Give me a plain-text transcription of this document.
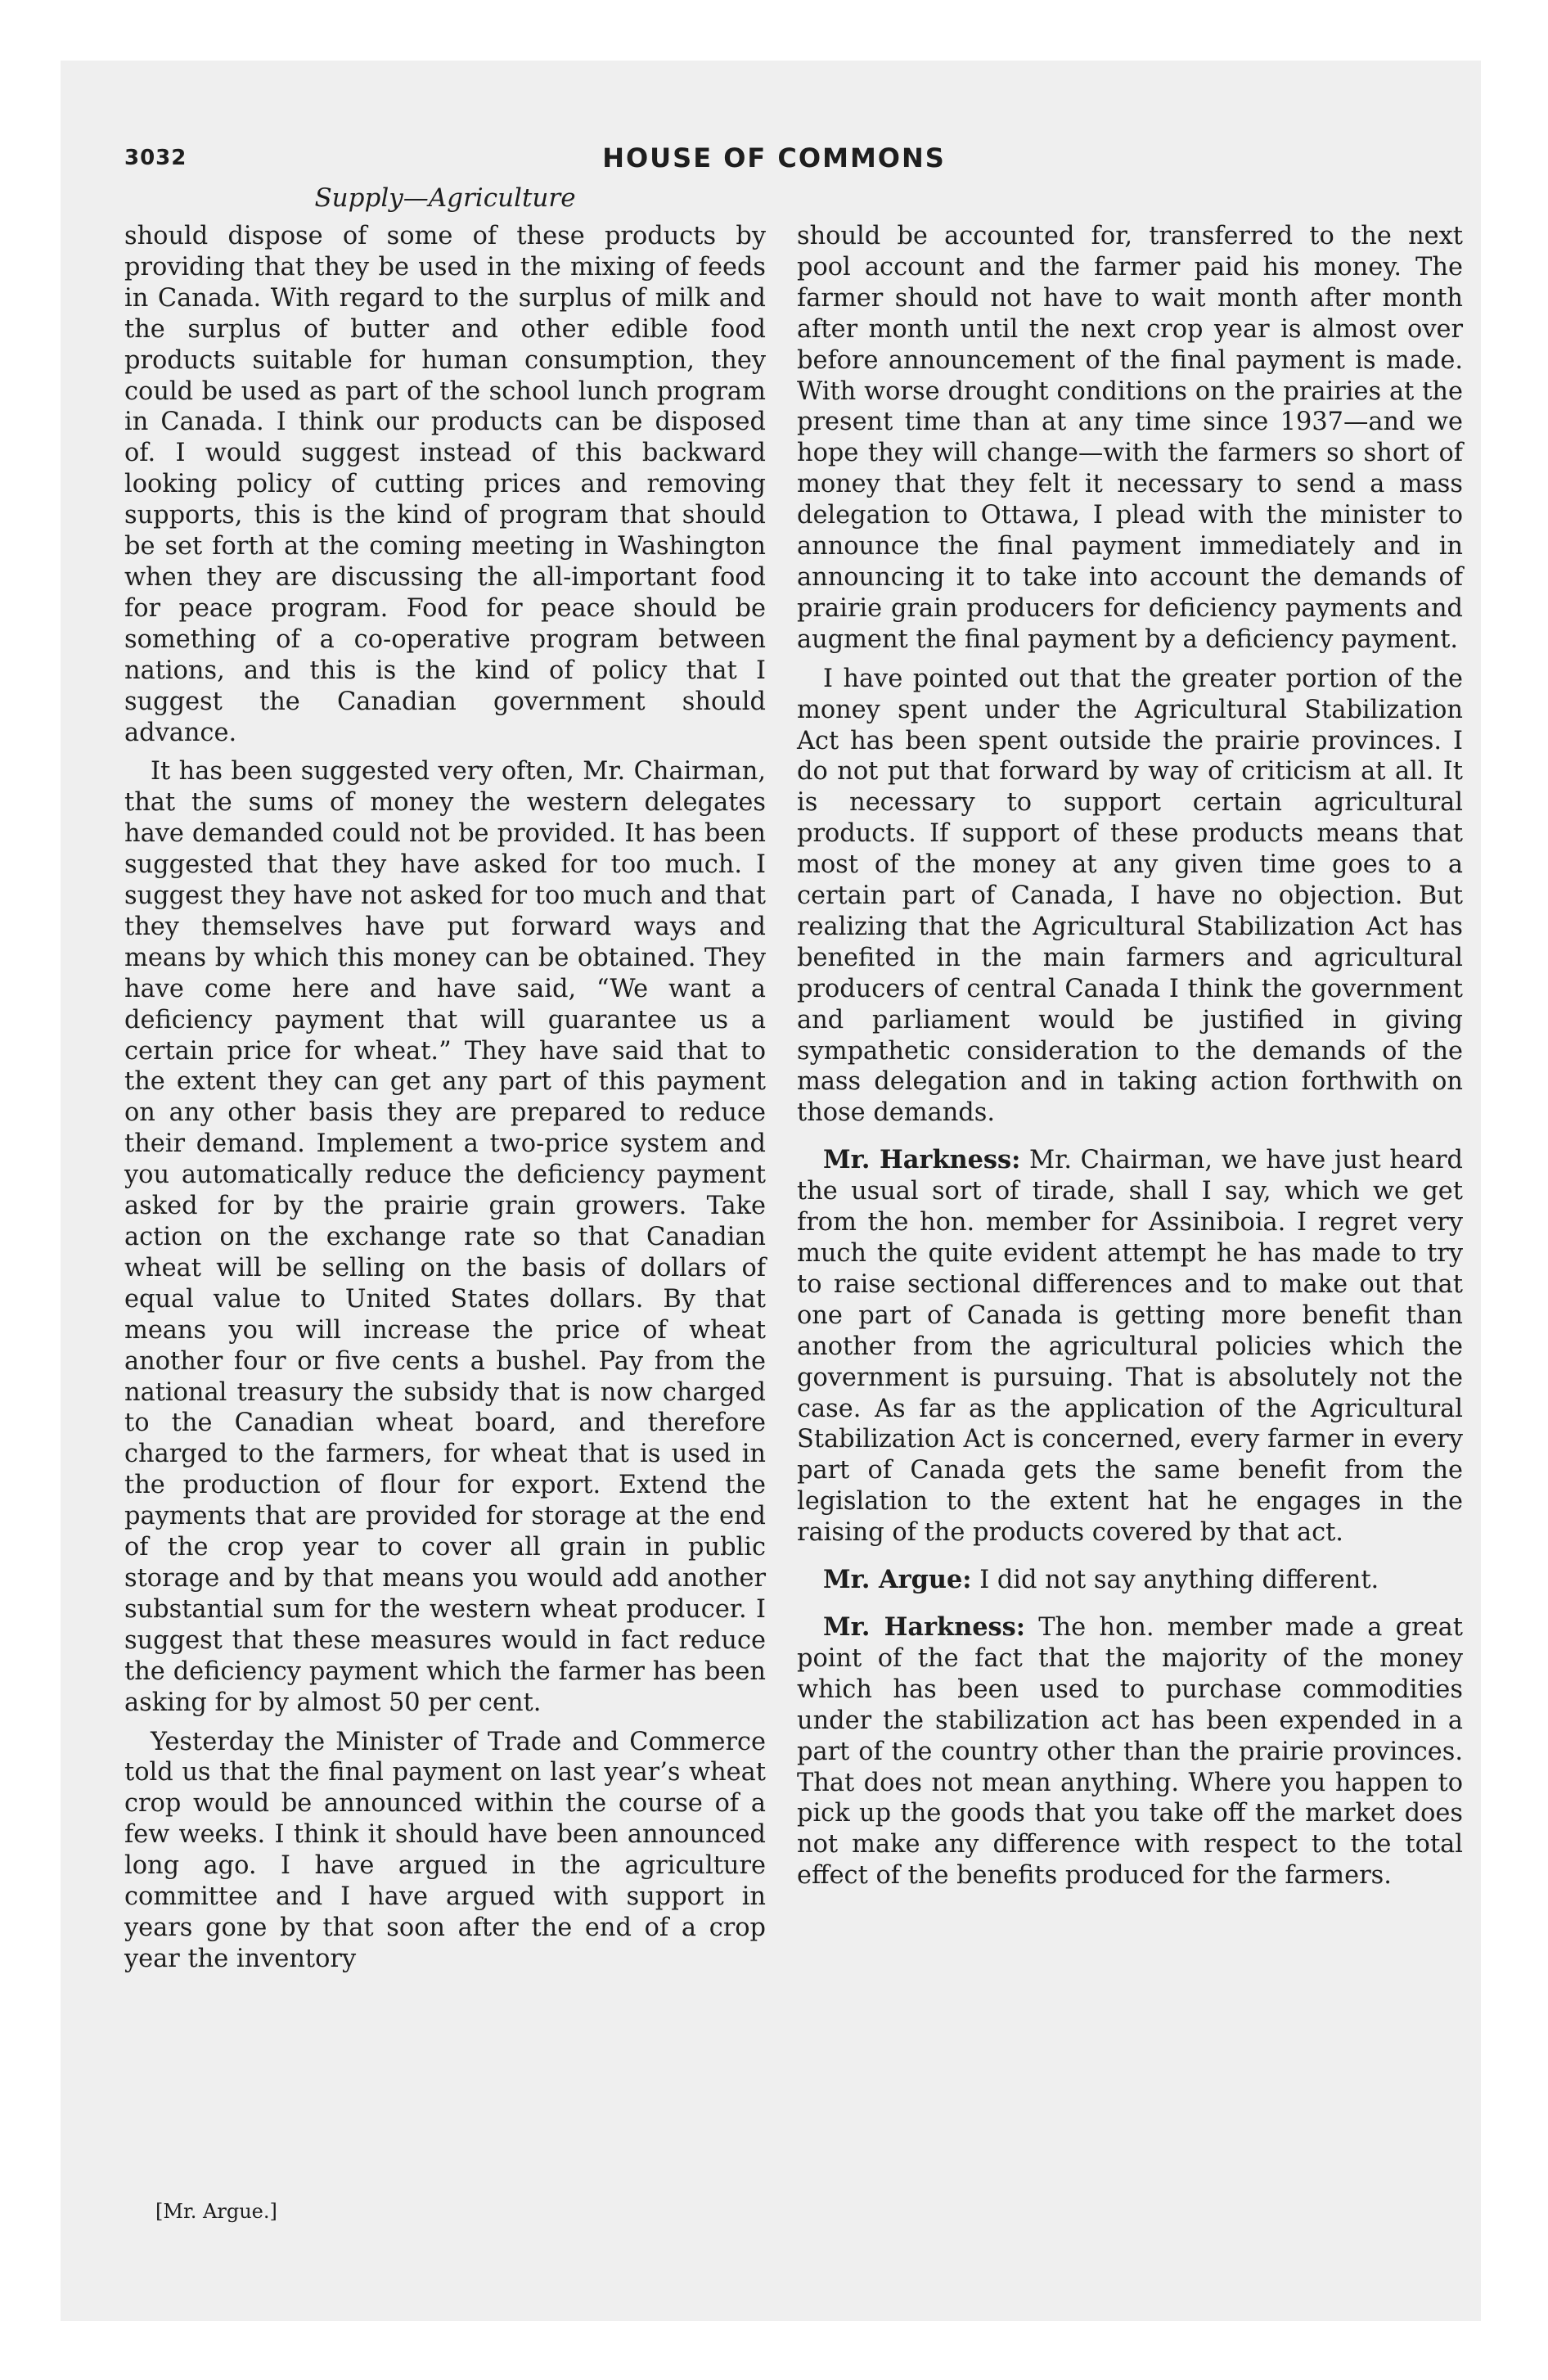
3032	HOUSE OF COMMONS

Supply—Agriculture

should dispose of some of these products by providing that they be used in the mixing of feeds in Canada. With regard to the surplus of milk and the surplus of butter and other edible food products suitable for human consumption, they could be used as part of the school lunch program in Canada. I think our products can be disposed of. I would suggest instead of this backward looking policy of cutting prices and removing supports, this is the kind of program that should be set forth at the coming meeting in Washington when they are discussing the all-important food for peace program. Food for peace should be something of a co-operative program between nations, and this is the kind of policy that I suggest the Canadian government should advance.

It has been suggested very often, Mr. Chairman, that the sums of money the western delegates have demanded could not be provided. It has been suggested that they have asked for too much. I suggest they have not asked for too much and that they themselves have put forward ways and means by which this money can be obtained. They have come here and have said, “We want a deficiency payment that will guarantee us a certain price for wheat.” They have said that to the extent they can get any part of this payment on any other basis they are prepared to reduce their demand. Implement a two-price system and you automatically reduce the deficiency payment asked for by the prairie grain growers. Take action on the exchange rate so that Canadian wheat will be selling on the basis of dollars of equal value to United States dollars. By that means you will increase the price of wheat another four or five cents a bushel. Pay from the national treasury the subsidy that is now charged to the Canadian wheat board, and therefore charged to the farmers, for wheat that is used in the production of flour for export. Extend the payments that are provided for storage at the end of the crop year to cover all grain in public storage and by that means you would add another substantial sum for the western wheat producer. I suggest that these measures would in fact reduce the deficiency payment which the farmer has been asking for by almost 50 per cent.

Yesterday the Minister of Trade and Commerce told us that the final payment on last year’s wheat crop would be announced within the course of a few weeks. I think it should have been announced long ago. I have argued in the agriculture committee and I have argued with support in years gone by that soon after the end of a crop year the inventory

should be accounted for, transferred to the next pool account and the farmer paid his money. The farmer should not have to wait month after month after month until the next crop year is almost over before announcement of the final payment is made. With worse drought conditions on the prairies at the present time than at any time since 1937—and we hope they will change—with the farmers so short of money that they felt it necessary to send a mass delegation to Ottawa, I plead with the minister to announce the final payment immediately and in announcing it to take into account the demands of prairie grain producers for deficiency payments and augment the final payment by a deficiency payment.

I have pointed out that the greater portion of the money spent under the Agricultural Stabilization Act has been spent outside the prairie provinces. I do not put that forward by way of criticism at all. It is necessary to support certain agricultural products. If support of these products means that most of the money at any given time goes to a certain part of Canada, I have no objection. But realizing that the Agricultural Stabilization Act has benefited in the main farmers and agricultural producers of central Canada I think the government and parliament would be justified in giving sympathetic consideration to the demands of the mass delegation and in taking action forthwith on those demands.

Mr. Harkness: Mr. Chairman, we have just heard the usual sort of tirade, shall I say, which we get from the hon. member for Assiniboia. I regret very much the quite evident attempt he has made to try to raise sectional differences and to make out that one part of Canada is getting more benefit than another from the agricultural policies which the government is pursuing. That is absolutely not the case. As far as the application of the Agricultural Stabilization Act is concerned, every farmer in every part of Canada gets the same benefit from the legislation to the extent hat he engages in the raising of the products covered by that act.

Mr. Argue: I did not say anything different.

Mr. Harkness: The hon. member made a great point of the fact that the majority of the money which has been used to purchase commodities under the stabilization act has been expended in a part of the country other than the prairie provinces. That does not mean anything. Where you happen to pick up the goods that you take off the market does not make any difference with respect to the total effect of the benefits produced for the farmers.

[Mr. Argue.]
